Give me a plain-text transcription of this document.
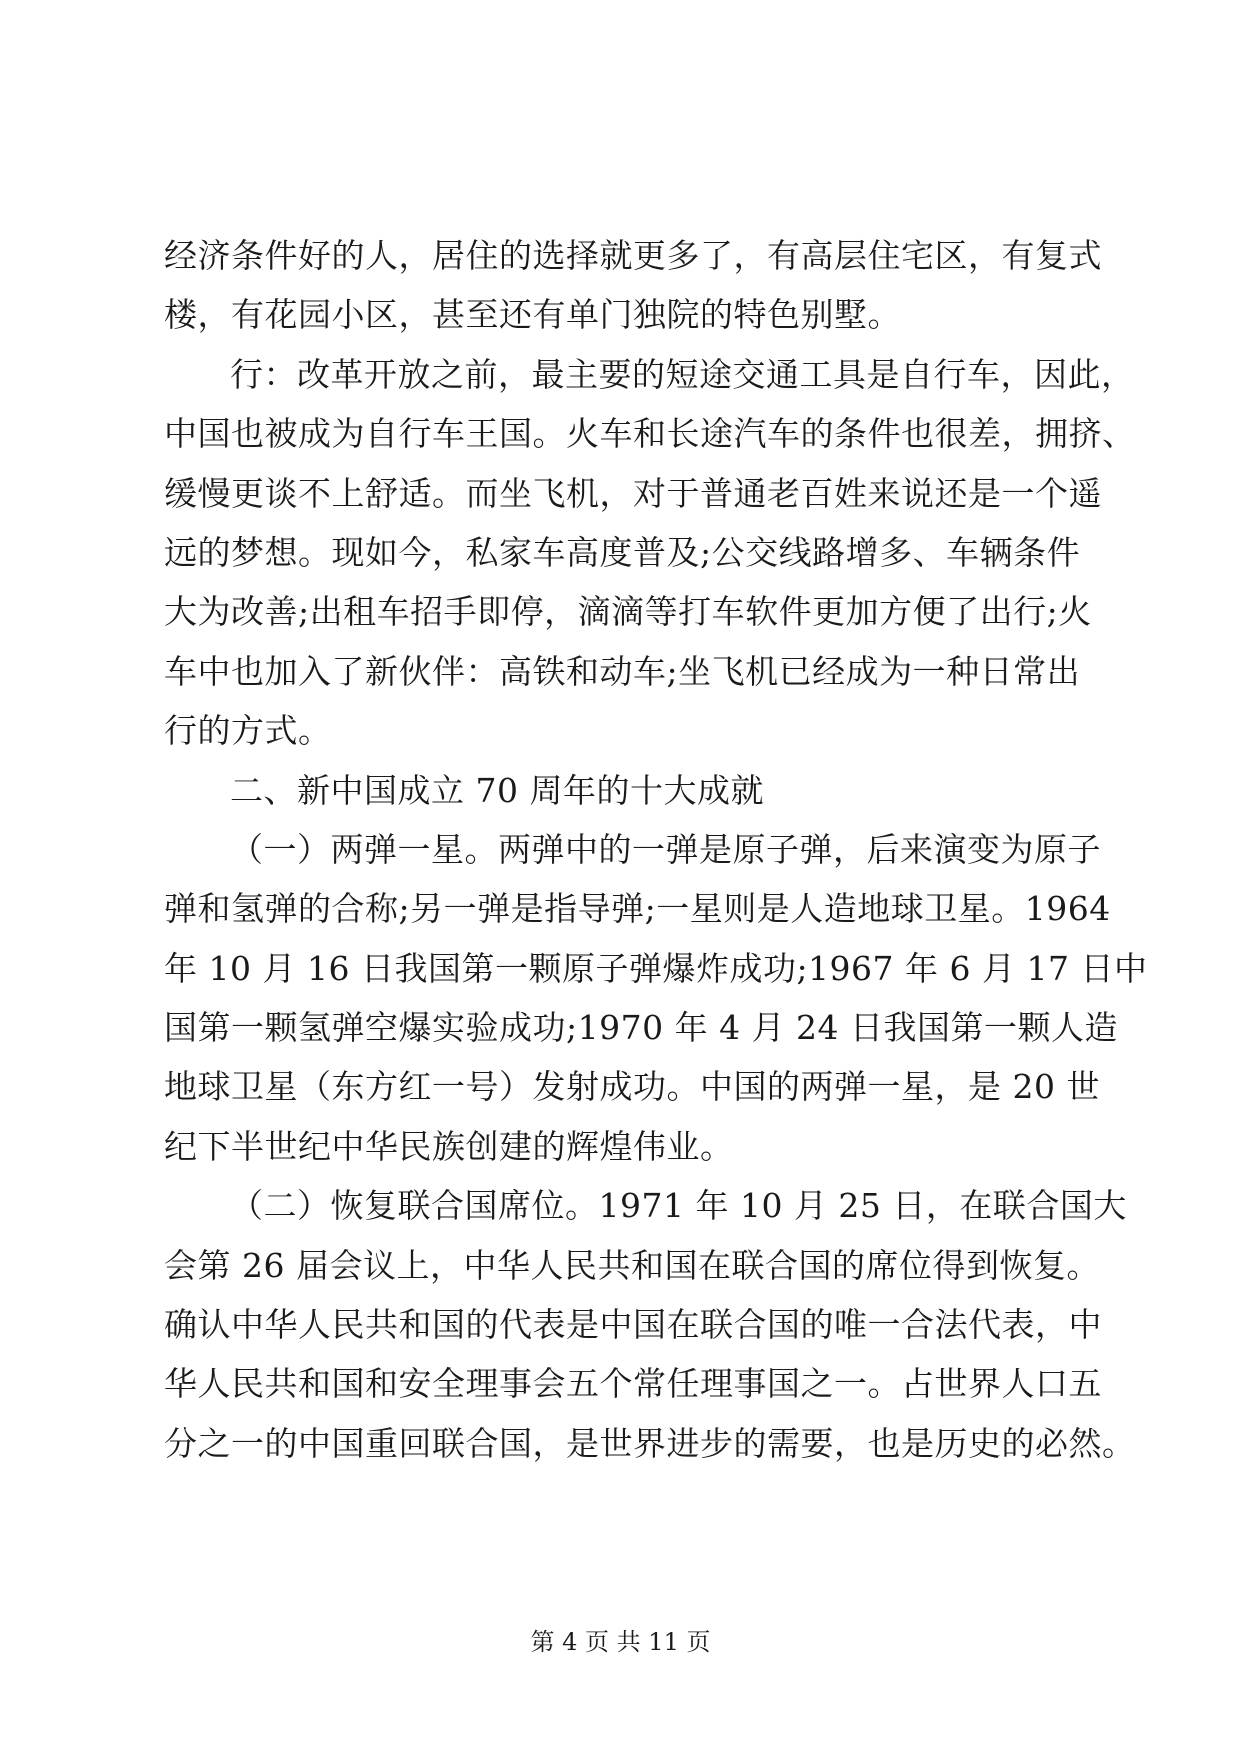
经济条件好的人，居住的选择就更多了，有高层住宅区，有复式
楼，有花园小区，甚至还有单门独院的特色别墅。
行：改革开放之前，最主要的短途交通工具是自行车，因此，
中国也被成为自行车王国。火车和长途汽车的条件也很差，拥挤、
缓慢更谈不上舒适。而坐飞机，对于普通老百姓来说还是一个遥
远的梦想。现如今，私家车高度普及;公交线路增多、车辆条件
大为改善;出租车招手即停，滴滴等打车软件更加方便了出行;火
车中也加入了新伙伴：高铁和动车;坐飞机已经成为一种日常出
行的方式。
二、新中国成立 70 周年的十大成就
（一）两弹一星。两弹中的一弹是原子弹，后来演变为原子
弹和氢弹的合称;另一弹是指导弹;一星则是人造地球卫星。1964
年 10 月 16 日我国第一颗原子弹爆炸成功;1967 年 6 月 17 日中
国第一颗氢弹空爆实验成功;1970 年 4 月 24 日我国第一颗人造
地球卫星（东方红一号）发射成功。中国的两弹一星，是 20 世
纪下半世纪中华民族创建的辉煌伟业。
（二）恢复联合国席位。1971 年 10 月 25 日，在联合国大
会第 26 届会议上，中华人民共和国在联合国的席位得到恢复。
确认中华人民共和国的代表是中国在联合国的唯一合法代表，中
华人民共和国和安全理事会五个常任理事国之一。占世界人口五
分之一的中国重回联合国，是世界进步的需要，也是历史的必然。
第 4 页 共 11 页
